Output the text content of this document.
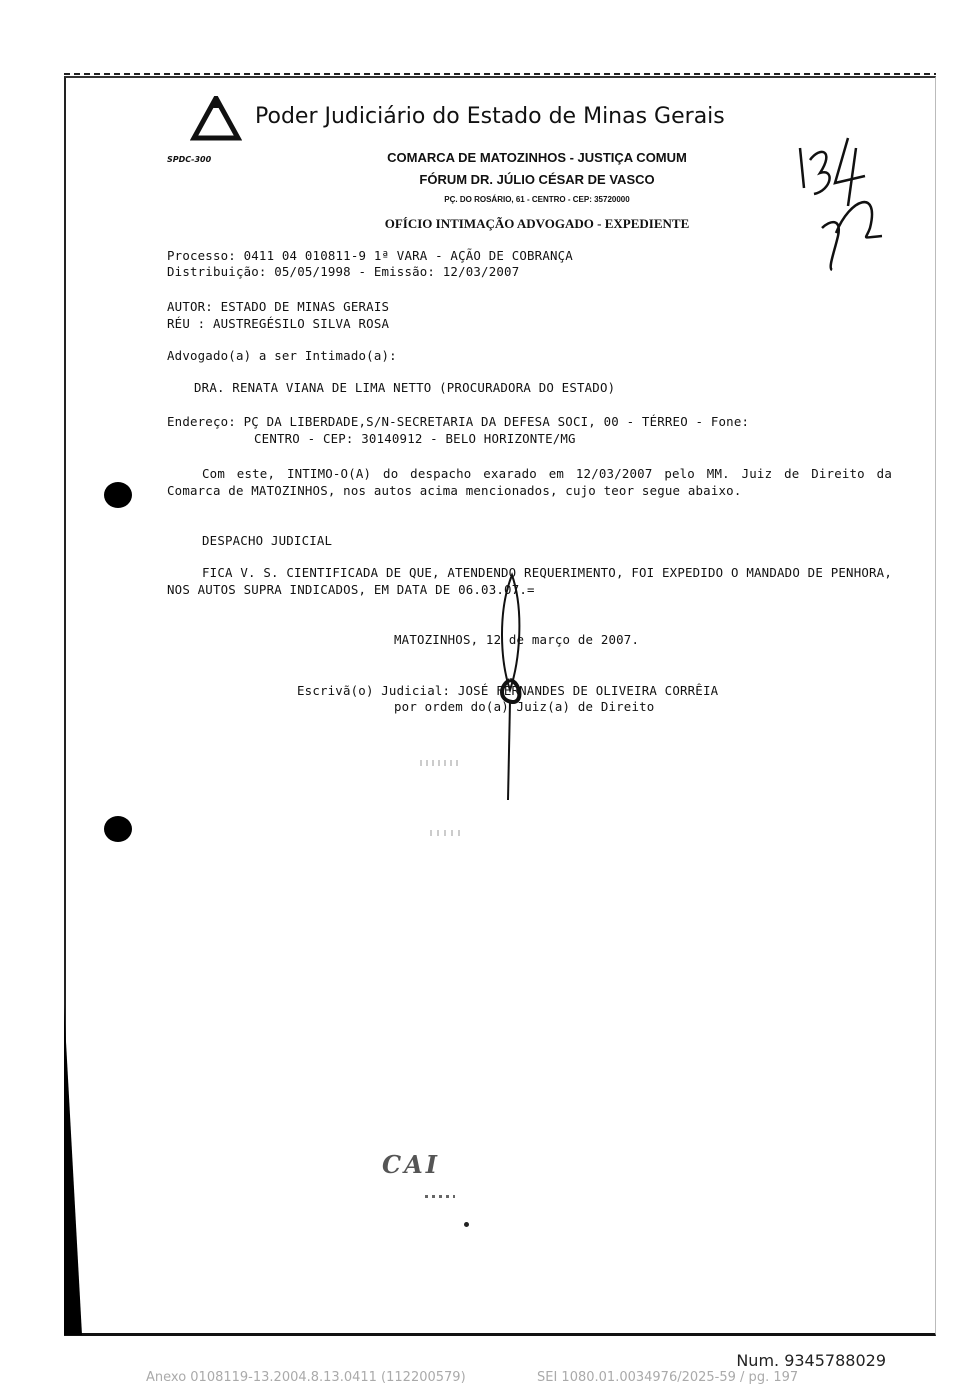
Poder Judiciário do Estado de Minas Gerais
SPDC-300	COMARCA DE MATOZINHOS - JUSTIÇA COMUM
FÓRUM DR. JÚLIO CÉSAR DE VASCO
PÇ. DO ROSÁRIO, 61 - CENTRO - CEP: 35720000
OFÍCIO INTIMAÇÃO ADVOGADO - EXPEDIENTE
Processo: 0411 04 010811-9 1ª VARA - AÇÃO DE COBRANÇA
Distribuição: 05/05/1998 - Emissão: 12/03/2007
AUTOR: ESTADO DE MINAS GERAIS
RÉU : AUSTREGÉSILO SILVA ROSA
Advogado(a) a ser Intimado(a):
DRA. RENATA VIANA DE LIMA NETTO (PROCURADORA DO ESTADO)
Endereço: PÇ DA LIBERDADE,S/N-SECRETARIA DA DEFESA SOCI, 00 - TÉRREO - Fone:
CENTRO - CEP: 30140912 - BELO HORIZONTE/MG
Com este, INTIMO-O(A) do despacho exarado em 12/03/2007 pelo MM. Juiz de Direito da Comarca de MATOZINHOS, nos autos acima mencionados, cujo teor segue abaixo.
DESPACHO JUDICIAL
FICA V. S. CIENTIFICADA DE QUE, ATENDENDO REQUERIMENTO, FOI EXPEDIDO O MANDADO DE PENHORA, NOS AUTOS SUPRA INDICADOS, EM DATA DE 06.03.07.=
MATOZINHOS, 12 de março de 2007.
Escrivã(o) Judicial: JOSÉ FERNANDES DE OLIVEIRA CORRÊIA
por ordem do(a) Juiz(a) de Direito
CAI
Num. 9345788029
Anexo 0108119-13.2004.8.13.0411 (112200579)	SEI 1080.01.0034976/2025-59 / pg. 197
